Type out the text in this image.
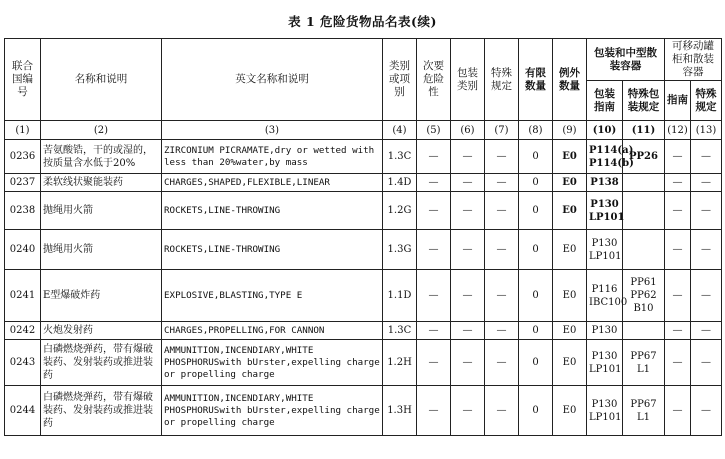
表 1 危险货物品名表(续)
联合国编号	名称和说明	英文名称和说明	类别或项别	次要危险性	包装类别	特殊规定	有限数量	例外数量	包装和中型散装容器		可移动罐柜和散装容器	
									包装指南	特殊包装规定	指南	特殊规定
(1)	(2)	(3)	(4)	(5)	(6)	(7)	(8)	(9)	(10)	(11)	(12)	(13)
0236	苦氨酸锆，干的或湿的，按质量含水低于20%	ZIRCONIUM PICRAMATE,dry or wetted with less than 20%water,by mass	1.3C	—	—	—	0	E0	P114(a) P114(b)	PP26	—	—
0237	柔软线状聚能装药	CHARGES,SHAPED,FLEXIBLE,LINEAR	1.4D	—	—	—	0	E0	P138		—	—
0238	抛绳用火箭	ROCKETS,LINE-THROWING	1.2G	—	—	—	0	E0	P130 LP101		—	—
0240	抛绳用火箭	ROCKETS,LINE-THROWING	1.3G	—	—	—	0	E0	P130 LP101		—	—
0241	E型爆破炸药	EXPLOSIVE,BLASTING,TYPE E	1.1D	—	—	—	0	E0	P116 IBC100	PP61 PP62 B10	—	—
0242	火炮发射药	CHARGES,PROPELLING,FOR CANNON	1.3C	—	—	—	0	E0	P130		—	—
0243	白磷燃烧弹药，带有爆破装药、发射装药或推进装药	AMMUNITION,INCENDIARY,WHITE PHOSPHORUSwith bUrster,expelling charge or propelling charge	1.2H	—	—	—	0	E0	P130 LP101	PP67 L1	—	—
0244	白磷燃烧弹药，带有爆破装药、发射装药或推进装药	AMMUNITION,INCENDIARY,WHITE PHOSPHORUSwith bUrster,expelling charge or propelling charge	1.3H	—	—	—	0	E0	P130 LP101	PP67 L1	—	—
